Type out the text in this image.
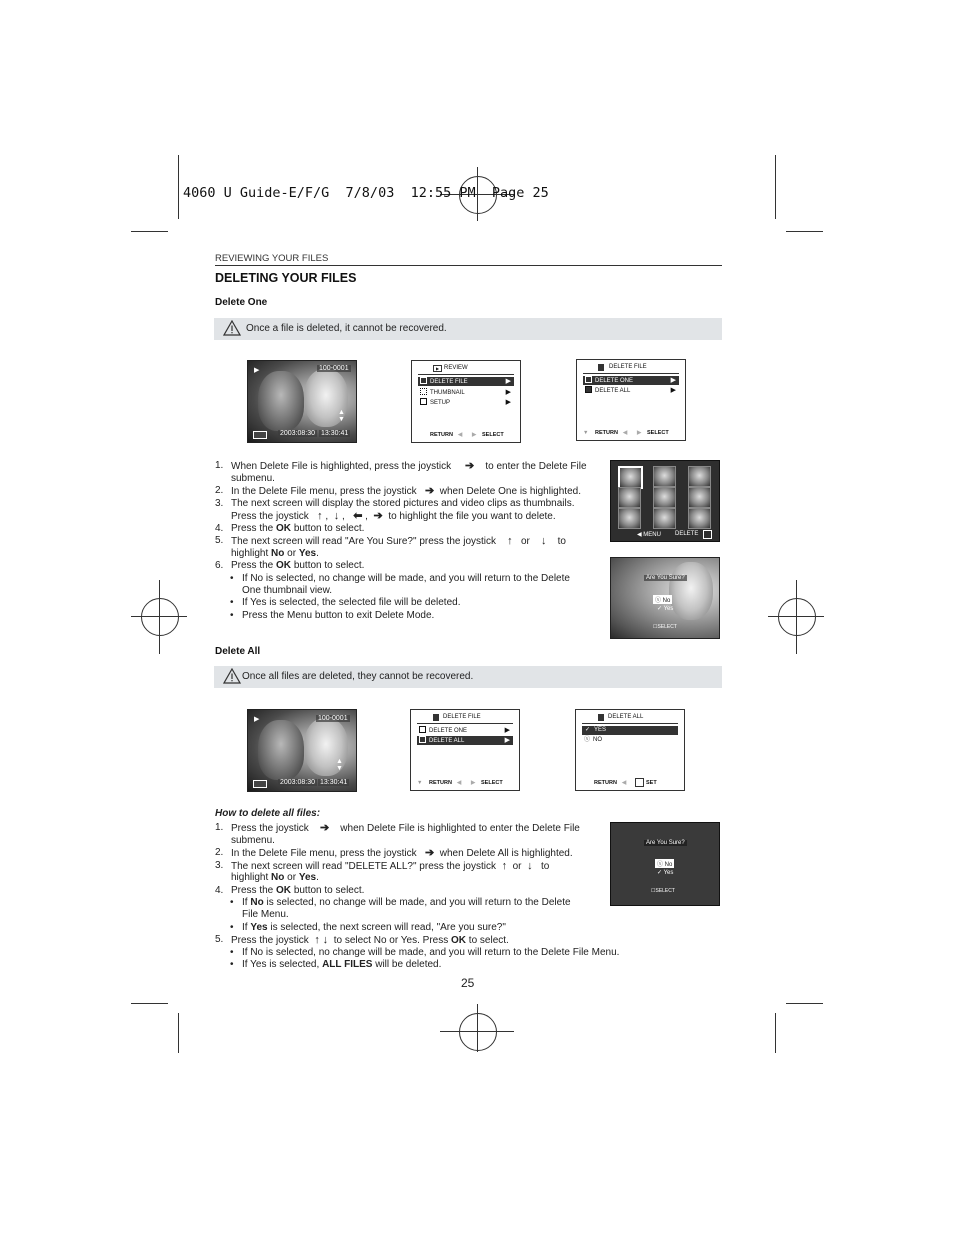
4060 U Guide-E/F/G  7/8/03  12:55 PM  Page 25
REVIEWING YOUR FILES
DELETING YOUR FILES
Delete One
Once a file is deleted, it cannot be recovered.
▶	100-0001
▲
▼
2003:08:30 13:30:41
▶ REVIEW
DELETE FILE	▶
THUMBNAIL	▶
SETUP	▶
RETURN ◀ ▶ SELECT
DELETE FILE
DELETE ONE	▶
DELETE ALL	▶
▼ RETURN ◀ ▶ SELECT
1. When Delete File is highlighted, press the joystick ➔ to enter the Delete File
submenu.
2. In the Delete File menu, press the joystick ➔ when Delete One is highlighted.
3. The next screen will display the stored pictures and video clips as thumbnails.
Press the joystick ↑ ,  ↓ ,   ⬅ ,  ➔ to highlight the file you want to delete.
4. Press the OK button to select.
5. The next screen will read "Are You Sure?" press the joystick ↑ or ↓ to
highlight No or Yes.
6. Press the OK button to select.
• If No is selected, no change will be made, and you will return to the Delete
One thumbnail view.
• If Yes is selected, the selected file will be deleted.
• Press the Menu button to exit Delete Mode.
◀ MENU DELETE
Are You Sure?
ⓧ No
✓ Yes
☐SELECT
Delete All
Once all files are deleted, they cannot be recovered.
▶	100-0001
▲
▼
2003:08:30 13:30:41
DELETE FILE
DELETE ONE	▶
DELETE ALL	▶
▼ RETURN ◀ ▶ SELECT
DELETE ALL
✓ YES
ⓧ NO
RETURN ◀	SET
How to delete all files:
1. Press the joystick ➔ when Delete File is highlighted to enter the Delete File
submenu.
2. In the Delete File menu, press the joystick ➔ when Delete All is highlighted.
3. The next screen will read "DELETE ALL?" press the joystick ↑ or ↓ to
highlight No or Yes.
4. Press the OK button to select.
• If No is selected, no change will be made, and you will return to the Delete
File Menu.
• If Yes is selected, the next screen will read, "Are you sure?"
5. Press the joystick ↑ ↓ to select No or Yes. Press OK to select.
• If No is selected, no change will be made, and you will return to the Delete File Menu.
• If Yes is selected, ALL FILES will be deleted.
Are You Sure?
ⓧ No
✓ Yes
☐SELECT
25
